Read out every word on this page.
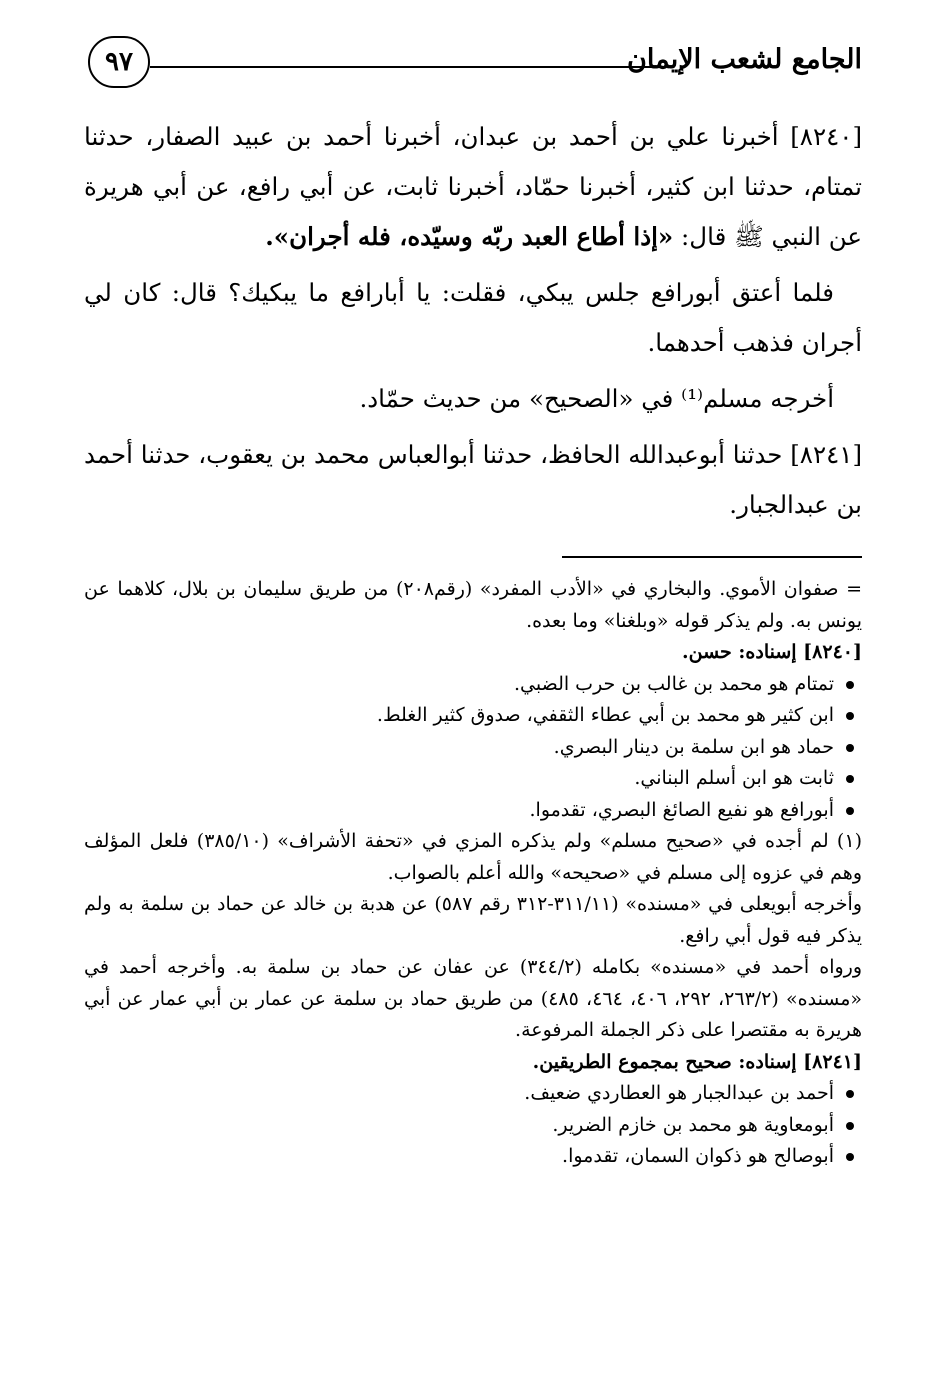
الجامع لشعب الإيمان
٩٧

[٨٢٤٠] أخبرنا علي بن أحمد بن عبدان، أخبرنا أحمد بن عبيد الصفار، حدثنا تمتام، حدثنا ابن كثير، أخبرنا حمّاد، أخبرنا ثابت، عن أبي رافع، عن أبي هريرة عن النبي ﷺ قال: «إذا أطاع العبد ربّه وسيّده، فله أجران».

فلما أعتق أبورافع جلس يبكي، فقلت: يا أبارافع ما يبكيك؟ قال: كان لي أجران فذهب أحدهما.

أخرجه مسلم⁽¹⁾ في «الصحيح» من حديث حمّاد.

[٨٢٤١] حدثنا أبوعبدالله الحافظ، حدثنا أبوالعباس محمد بن يعقوب، حدثنا أحمد بن عبدالجبار.

= صفوان الأموي. والبخاري في «الأدب المفرد» (رقم٢٠٨) من طريق سليمان بن بلال، كلاهما عن يونس به. ولم يذكر قوله «وبلغنا» وما بعده.

[٨٢٤٠] إسناده: حسن.

تمتام هو محمد بن غالب بن حرب الضبي.
ابن كثير هو محمد بن أبي عطاء الثقفي، صدوق كثير الغلط.
حماد هو ابن سلمة بن دينار البصري.
ثابت هو ابن أسلم البناني.
أبورافع هو نفيع الصائغ البصري، تقدموا.

(١) لم أجده في «صحيح مسلم» ولم يذكره المزي في «تحفة الأشراف» (٣٨٥/١٠) فلعل المؤلف وهم في عزوه إلى مسلم في «صحيحه» والله أعلم بالصواب.

وأخرجه أبويعلى في «مسنده» (٣١١/١١-٣١٢ رقم ٥٨٧) عن هدبة بن خالد عن حماد بن سلمة به ولم يذكر فيه قول أبي رافع.

ورواه أحمد في «مسنده» بكامله (٣٤٤/٢) عن عفان عن حماد بن سلمة به. وأخرجه أحمد في «مسنده» (٢٦٣/٢، ٢٩٢، ٤٠٦، ٤٦٤، ٤٨٥) من طريق حماد بن سلمة عن عمار بن أبي عمار عن أبي هريرة به مقتصرا على ذكر الجملة المرفوعة.

[٨٢٤١] إسناده: صحيح بمجموع الطريقين.

أحمد بن عبدالجبار هو العطاردي ضعيف.
أبومعاوية هو محمد بن خازم الضرير.
أبوصالح هو ذكوان السمان، تقدموا.
